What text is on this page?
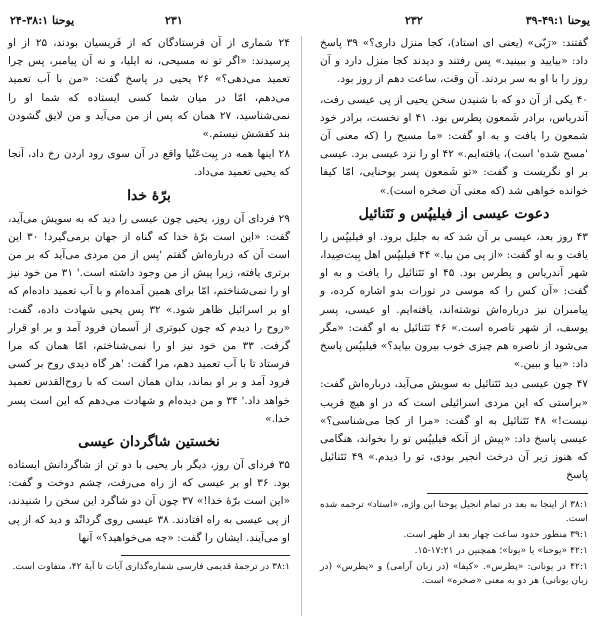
یوحنا ۱:‏۳۹-۴۹
۲۳۲
۲۳۱
یوحنا ۱:‏۲۴-۳۸

گفتند: «رَبّی» (یعنی ای استاد)، کجا منزل داری؟» ۳۹ پاسخ داد: «بیایید و ببینید.» پس رفتند و دیدند کجا منزل دارد و آن روز را با او به سر بردند. آن وقت، ساعت دهم از روز بود.

۴۰ یکی از آن دو که با شنیدن سخن یحیی از پی عیسی رفت، آندریاس، برادر شَمعون پطرس بود. ۴۱ او نخست، برادر خود شمعون را یافت و به او گفت: «ما مسیح را (که معنی آن 'مسح شده' است)، یافته‌ایم.» ۴۲ او را نزد عیسی برد. عیسی بر او نگریست و گفت: «تو شَمعون پسر یوحنایی، امّا کیفا خوانده خواهی شد (که معنی آن صخره است).»

دعوت عیسی از فیلیپُس و نَتَنائیل

۴۳ روز بعد، عیسی بر آن شد که به جلیل برود. او فیلیپُس را یافت و به او گفت: «از پی من بیا.» ۴۴ فیلیپُس اهل بِیت‌صِیدا، شهر آندریاس و پطرس بود. ۴۵ او نَتَنائیل را یافت و به او گفت: «آن کس را که موسی در تورات بدو اشاره کرده، و پیامبران نیز درباره‌اش نوشته‌اند، یافته‌ایم. او عیسی، پسر یوسف، از شهر ناصره است.» ۴۶ نَتَنائیل به او گفت: «مگر می‌شود از ناصره هم چیزی خوب بیرون بیاید؟» فیلیپُس پاسخ داد: «بیا و ببین.»

۴۷ چون عیسی دید نَتَنائیل به سویش می‌آید، درباره‌اش گفت: «براستی که این مردی اسرائیلی است که در او هیچ فریب نیست!» ۴۸ نَتَنائیل به او گفت: «مرا از کجا می‌شناسی؟» عیسی پاسخ داد: «پیش از آنکه فیلیپُس تو را بخواند، هنگامی که هنوز زیر آن درخت انجیر بودی، تو را دیدم.» ۴۹ نَتَنائیل پاسخ

۱:‏۳۸ از اینجا به بعد در تمام انجیل یوحنا این واژه، «استاد» ترجمه شده است.

۱:‏۳۹ منظور حدود ساعت چهار بعد از ظهر است.

۱:‏۴۲ «یوحنا» یا «یونا»؛ همچنین در ۲۱:‏۱۵-۱۷.

۱:‏۴۲ در یونانی: «پطرس». «کیفا» (در زبان آرامی) و «پطرس» (در زبان یونانی) هر دو به معنی «صخره» است.

۲۴ شماری از آن فرستادگان که از فَریسیان بودند، ۲۵ از او پرسیدند: «اگر تو نه مسیحی، نه ایلیا، و نه آن پیامبر، پس چرا تعمید می‌دهی؟» ۲۶ یحیی در پاسخ گفت: «من با آب تعمید می‌دهم، امّا در میان شما کسی ایستاده که شما او را نمی‌شناسید، ۲۷ همان که پس از من می‌آید و من لایق گشودن بند کفشش نیستم.»

۲۸ اینها همه در بِیت‌عَنْیا واقع در آن سوی رود اردن رخ داد، آنجا که یحیی تعمید می‌داد.

برّهٔ خدا

۲۹ فردای آن روز، یحیی چون عیسی را دید که به سویش می‌آید، گفت: «این است برّهٔ خدا که گناه از جهان برمی‌گیرد! ۳۰ این است آن که درباره‌اش گفتم 'پس از من مردی می‌آید که بر من برتری یافته، زیرا پیش از من وجود داشته است.' ۳۱ من خود نیز او را نمی‌شناختم، امّا برای همین آمده‌ام و با آب تعمید داده‌ام که او بر اسرائیل ظاهر شود.» ۳۲ پس یحیی شهادت داده، گفت: «روح را دیدم که چون کبوتری از آسمان فرود آمد و بر او قرار گرفت. ۳۳ من خود نیز او را نمی‌شناختم، امّا همان که مرا فرستاد تا با آب تعمید دهم، مرا گفت: 'هر گاه دیدی روح بر کسی فرود آمد و بر او بماند، بدان همان است که با روح‌القدس تعمید خواهد داد.' ۳۴ و من دیده‌ام و شهادت می‌دهم که این است پسر خدا.»

نخستین شاگردان عیسی

۳۵ فردای آن روز، دیگر بار یحیی با دو تن از شاگردانش ایستاده بود. ۳۶ او بر عیسی که از راه می‌رفت، چشم دوخت و گفت: «این است برّهٔ خدا!» ۳۷ چون آن دو شاگرد این سخن را شنیدند، از پی عیسی به راه افتادند. ۳۸ عیسی روی گردانْد و دید که از پی او می‌آیند. ایشان را گفت: «چه می‌خواهید؟» آنها

۱:‏۳۸ در ترجمهٔ قدیمی فارسی شماره‌گذاری آیات تا آیهٔ ۴۲، متفاوت است.
